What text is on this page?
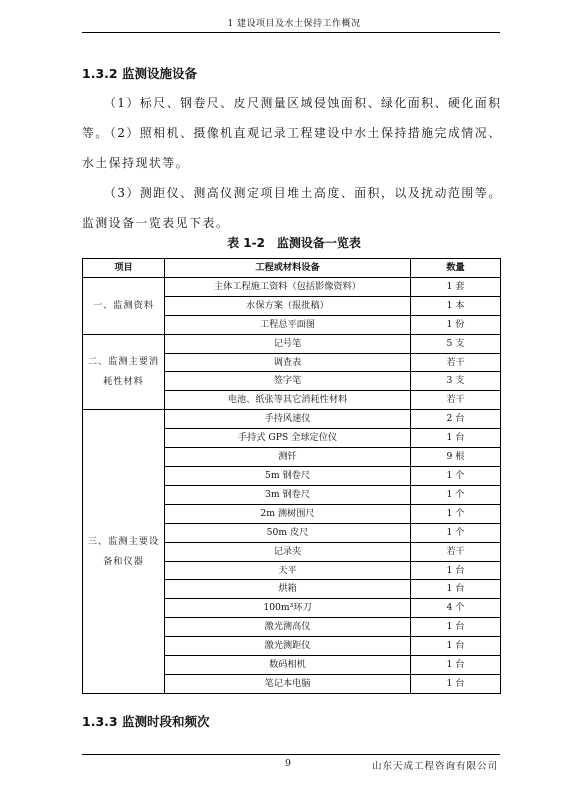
1 建设项目及水土保持工作概况
1.3.2 监测设施设备
（1）标尺、钢卷尺、皮尺测量区域侵蚀面积、绿化面积、硬化面积等。
（2）照相机、摄像机直观记录工程建设中水土保持措施完成情况、水土保持现状等。
（3）测距仪、测高仪测定项目堆土高度、面积，以及扰动范围等。监测设备一览表见下表。
表 1-2　监测设备一览表
项目	工程或材料设备	数量
一、监测资料	主体工程施工资料（包括影像资料）	1 套
	水保方案（报批稿）	1 本
	工程总平面图	1 份
二、监测主要消耗性材料	记号笔	5 支
	调查表	若干
	签字笔	3 支
	电池、纸张等其它消耗性材料	若干
三、监测主要设备和仪器	手持风速仪	2 台
	手持式 GPS 全球定位仪	1 台
	测钎	9 根
	5m 钢卷尺	1 个
	3m 钢卷尺	1 个
	2m 测树围尺	1 个
	50m 皮尺	1 个
	记录夹	若干
	天平	1 台
	烘箱	1 台
	100m³环刀	4 个
	激光测高仪	1 台
	激光测距仪	1 台
	数码相机	1 台
	笔记本电脑	1 台
1.3.3 监测时段和频次
9	山东天成工程咨询有限公司
